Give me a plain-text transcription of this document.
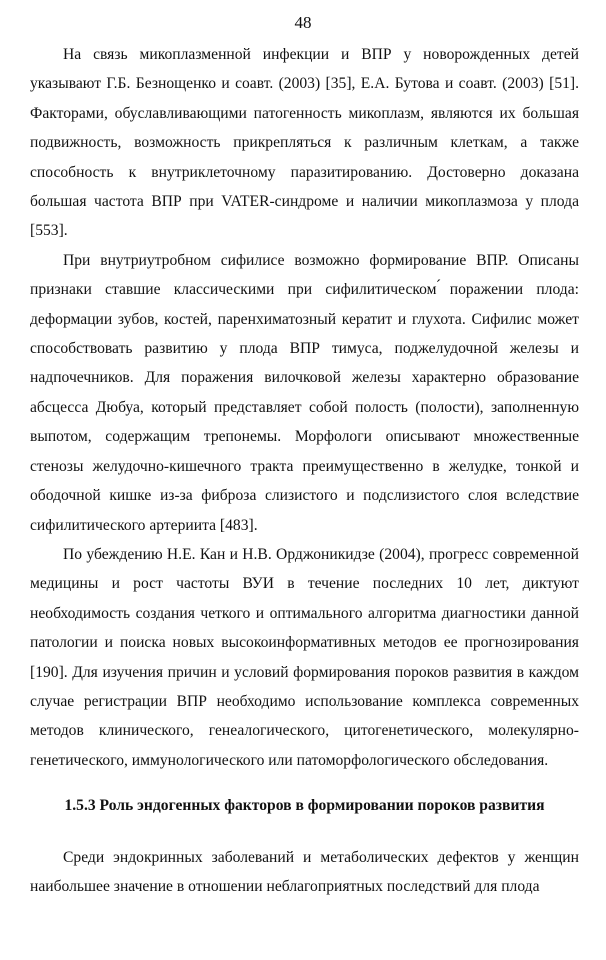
48

На связь микоплазменной инфекции и ВПР у новорожденных детей указывают Г.Б. Безнощенко и соавт. (2003) [35], Е.А. Бутова и соавт. (2003) [51]. Факторами, обуславливающими патогенность микоплазм, являются их большая подвижность, возможность прикрепляться к различным клеткам, а также способность к внутриклеточному паразитированию. Достоверно доказана большая частота ВПР при VATER-синдроме и наличии микоплазмоза у плода [553].

При внутриутробном сифилисе возможно формирование ВПР. Описаны признаки ставшие классическими при сифилитическом ́поражении плода: деформации зубов, костей, паренхиматозный кератит и глухота. Сифилис может способствовать развитию у плода ВПР тимуса, поджелудочной железы и надпочечников. Для поражения вилочковой железы характерно образование абсцесса Дюбуа, который представляет собой полость (полости), заполненную выпотом, содержащим трепонемы. Морфологи описывают множественные стенозы желудочно-кишечного тракта преимущественно в желудке, тонкой и ободочной кишке из-за фиброза слизистого и подслизистого слоя вследствие сифилитического артериита [483].

По убеждению Н.Е. Кан и Н.В. Орджоникидзе (2004), прогресс современной медицины и рост частоты ВУИ в течение последних 10 лет, диктуют необходимость создания четкого и оптимального алгоритма диагностики данной патологии и поиска новых высокоинформативных методов ее прогнозирования [190]. Для изучения причин и условий формирования пороков развития в каждом случае регистрации ВПР необходимо использование комплекса современных методов клинического, генеалогического, цитогенетического, молекулярно-генетического, иммунологического или патоморфологического обследования.

1.5.3 Роль эндогенных факторов в формировании пороков развития

Среди эндокринных заболеваний и метаболических дефектов у женщин наибольшее значение в отношении неблагоприятных последствий для плода
